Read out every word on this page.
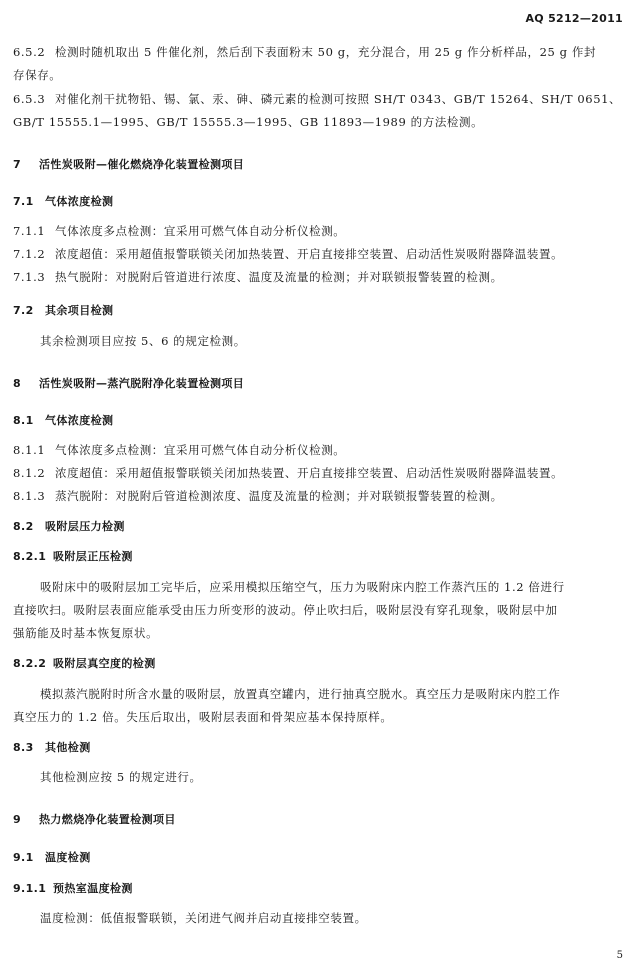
AQ 5212—2011
6.5.2 检测时随机取出 5 件催化剂，然后刮下表面粉末 50 g，充分混合，用 25 g 作分析样品，25 g 作封
存保存。
6.5.3 对催化剂干扰物铅、锡、氯、汞、砷、磷元素的检测可按照 SH/T 0343、GB/T 15264、SH/T 0651、
GB/T 15555.1—1995、GB/T 15555.3—1995、GB 11893—1989 的方法检测。
7 活性炭吸附—催化燃烧净化装置检测项目
7.1 气体浓度检测
7.1.1 气体浓度多点检测：宜采用可燃气体自动分析仪检测。
7.1.2 浓度超值：采用超值报警联锁关闭加热装置、开启直接排空装置、启动活性炭吸附器降温装置。
7.1.3 热气脱附：对脱附后管道进行浓度、温度及流量的检测；并对联锁报警装置的检测。
7.2 其余项目检测
其余检测项目应按 5、6 的规定检测。
8 活性炭吸附—蒸汽脱附净化装置检测项目
8.1 气体浓度检测
8.1.1 气体浓度多点检测：宜采用可燃气体自动分析仪检测。
8.1.2 浓度超值：采用超值报警联锁关闭加热装置、开启直接排空装置、启动活性炭吸附器降温装置。
8.1.3 蒸汽脱附：对脱附后管道检测浓度、温度及流量的检测；并对联锁报警装置的检测。
8.2 吸附层压力检测
8.2.1 吸附层正压检测
吸附床中的吸附层加工完毕后，应采用模拟压缩空气，压力为吸附床内腔工作蒸汽压的 1.2 倍进行
直接吹扫。吸附层表面应能承受由压力所变形的波动。停止吹扫后，吸附层没有穿孔现象，吸附层中加
强筋能及时基本恢复原状。
8.2.2 吸附层真空度的检测
模拟蒸汽脱附时所含水量的吸附层，放置真空罐内，进行抽真空脱水。真空压力是吸附床内腔工作
真空压力的 1.2 倍。失压后取出，吸附层表面和骨架应基本保持原样。
8.3 其他检测
其他检测应按 5 的规定进行。
9 热力燃烧净化装置检测项目
9.1 温度检测
9.1.1 预热室温度检测
温度检测：低值报警联锁，关闭进气阀并启动直接排空装置。
5
